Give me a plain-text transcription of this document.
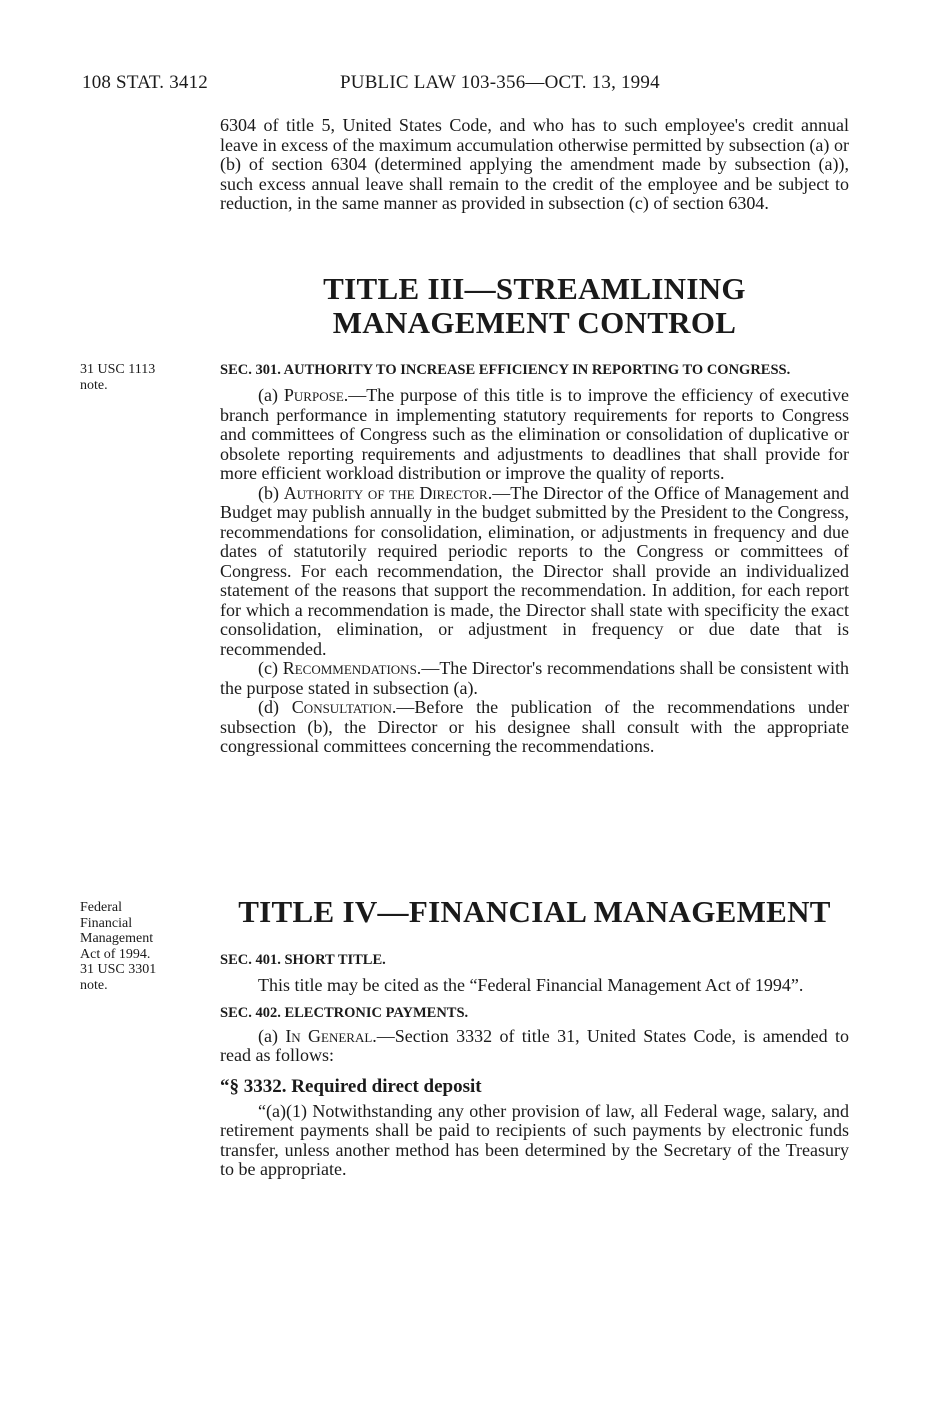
108 STAT. 3412	PUBLIC LAW 103-356—OCT. 13, 1994

6304 of title 5, United States Code, and who has to such employee's credit annual leave in excess of the maximum accumulation otherwise permitted by subsection (a) or (b) of section 6304 (determined applying the amendment made by subsection (a)), such excess annual leave shall remain to the credit of the employee and be subject to reduction, in the same manner as provided in subsection (c) of section 6304.

TITLE III—STREAMLINING
MANAGEMENT CONTROL
31 USC 1113
note.

SEC. 301. AUTHORITY TO INCREASE EFFICIENCY IN REPORTING TO CONGRESS.

(a) Purpose.—The purpose of this title is to improve the efficiency of executive branch performance in implementing statutory requirements for reports to Congress and committees of Congress such as the elimination or consolidation of duplicative or obsolete reporting requirements and adjustments to deadlines that shall provide for more efficient workload distribution or improve the quality of reports.

(b) Authority of the Director.—The Director of the Office of Management and Budget may publish annually in the budget submitted by the President to the Congress, recommendations for consolidation, elimination, or adjustments in frequency and due dates of statutorily required periodic reports to the Congress or committees of Congress. For each recommendation, the Director shall provide an individualized statement of the reasons that support the recommendation. In addition, for each report for which a recommendation is made, the Director shall state with specificity the exact consolidation, elimination, or adjustment in frequency or due date that is recommended.

(c) Recommendations.—The Director's recommendations shall be consistent with the purpose stated in subsection (a).

(d) Consultation.—Before the publication of the recommendations under subsection (b), the Director or his designee shall consult with the appropriate congressional committees concerning the recommendations.

TITLE IV—FINANCIAL MANAGEMENT
Federal
Financial
Management
Act of 1994.
31 USC 3301
note.

SEC. 401. SHORT TITLE.

This title may be cited as the “Federal Financial Management Act of 1994”.

SEC. 402. ELECTRONIC PAYMENTS.

(a) In General.—Section 3332 of title 31, United States Code, is amended to read as follows:

“§ 3332. Required direct deposit

“(a)(1) Notwithstanding any other provision of law, all Federal wage, salary, and retirement payments shall be paid to recipients of such payments by electronic funds transfer, unless another method has been determined by the Secretary of the Treasury to be appropriate.
